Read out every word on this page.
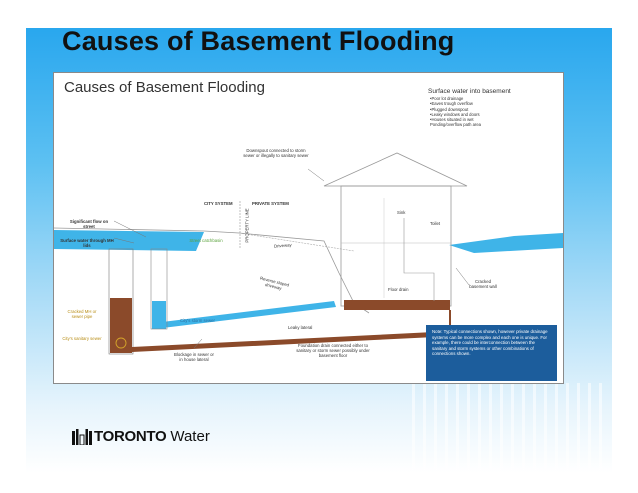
Causes of Basement Flooding
Causes of Basement Flooding	Surface water into basement
• Poor lot drainage
• Eaves trough overflow
• Plugged downspout
• Leaky windows and doors
• Houses situated in wet
Ponding/overflow path area
Downspout connected to storm sewer or illegally to sanitary sewer
CITY SYSTEM	PRIVATE SYSTEM
PROPERTY LINE
Significant flow on street
Surface water through MH lids
Street catchbasin
Driveway
Reverse sloped driveway
Sink
Toilet
Cracked basement wall
Floor drain
Cracked MH or sewer pipe
City's sanitary sewer
City's storm sewer
Leaky lateral
Blockage in sewer or in house lateral
Foundation drain connected either to sanitary or storm sewer possibly under basement floor
Note: Typical connections shown, however private drainage systems can be more complex and each one is unique. For example, there could be interconnection between the sanitary and storm systems or other combinations of connections shown.
TORONTO Water
